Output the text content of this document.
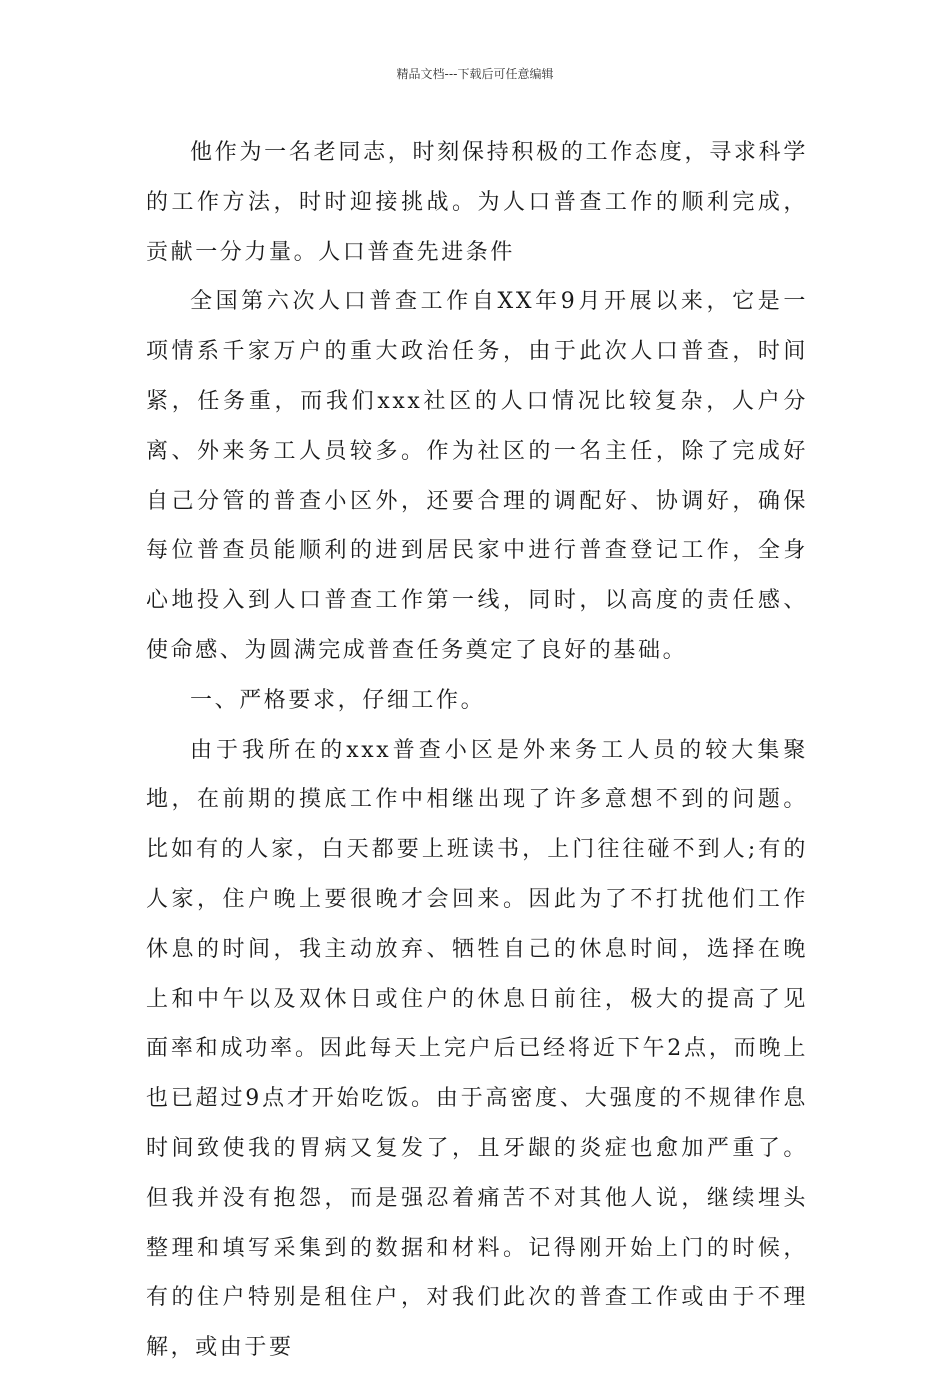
精品文档---下载后可任意编辑

他作为一名老同志，时刻保持积极的工作态度，寻求科学的工作方法，时时迎接挑战。为人口普查工作的顺利完成，贡献一分力量。人口普查先进条件

全国第六次人口普查工作自XX年9月开展以来，它是一项情系千家万户的重大政治任务，由于此次人口普查，时间紧，任务重，而我们xxx社区的人口情况比较复杂，人户分离、外来务工人员较多。作为社区的一名主任，除了完成好自己分管的普查小区外，还要合理的调配好、协调好，确保每位普查员能顺利的进到居民家中进行普查登记工作，全身心地投入到人口普查工作第一线，同时，以高度的责任感、使命感、为圆满完成普查任务奠定了良好的基础。

一、严格要求，仔细工作。

由于我所在的xxx普查小区是外来务工人员的较大集聚地，在前期的摸底工作中相继出现了许多意想不到的问题。比如有的人家，白天都要上班读书，上门往往碰不到人;有的人家，住户晚上要很晚才会回来。因此为了不打扰他们工作休息的时间，我主动放弃、牺牲自己的休息时间，选择在晚上和中午以及双休日或住户的休息日前往，极大的提高了见面率和成功率。因此每天上完户后已经将近下午2点，而晚上也已超过9点才开始吃饭。由于高密度、大强度的不规律作息时间致使我的胃病又复发了，且牙龈的炎症也愈加严重了。但我并没有抱怨，而是强忍着痛苦不对其他人说，继续埋头整理和填写采集到的数据和材料。记得刚开始上门的时候，有的住户特别是租住户，对我们此次的普查工作或由于不理解，或由于要
